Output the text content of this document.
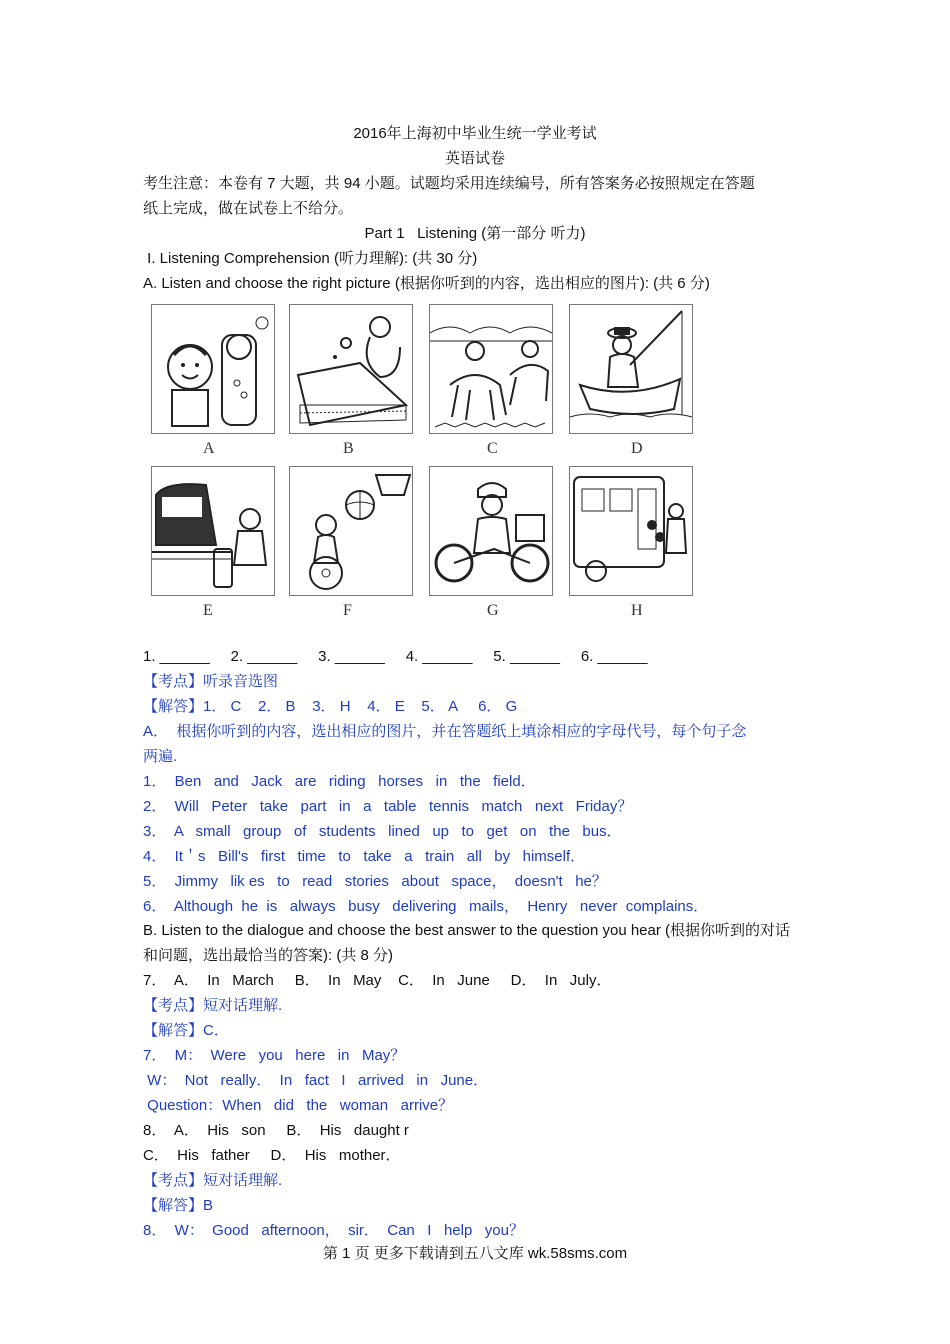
2016年上海初中毕业生统一学业考试
英语试卷
考生注意：本卷有 7 大题，共 94 小题。试题均采用连续编号，所有答案务必按照规定在答题
纸上完成，做在试卷上不给分。
Part 1   Listening (第一部分 听力)
I. Listening Comprehension (听力理解): (共 30 分)
A. Listen and choose the right picture (根据你听到的内容，选出相应的图片): (共 6 分)
A	B	C	D
E	F	G	H
1. ______     2. ______     3. ______     4. ______     5. ______     6. ______
【考点】听录音选图
【解答】1． C    2． B    3． H    4． E    5． A     6． G
A．  根据你听到的内容，选出相应的图片，并在答题纸上填涂相应的字母代号，每个句子念
两遍.
1．  Ben   and   Jack   are   riding   horses   in   the   field．
2．  Will   Peter   take   part   in   a   table   tennis   match   next   Friday？
3．  A   small   group   of   students   lined   up   to   get   on   the   bus．
4．  It＇s   Bill's   first   time   to   take   a   train   all   by   himself．
5．  Jimmy   lik es   to   read   stories   about   space，  doesn't   he？
6．  Although  he  is   always   busy   delivering   mails，  Henry   never  complains．
B. Listen to the dialogue and choose the best answer to the question you hear (根据你听到的对话
和问题，选出最恰当的答案): (共 8 分)
7．  A．  In   March     B．  In   May    C．  In   June     D．  In   July．
【考点】短对话理解.
【解答】C．
7．  M：  Were   you   here   in   May？
W：  Not   really．  In   fact   I   arrived   in   June．
Question：When   did   the   woman   arrive？
8．  A．  His   son     B．  His   daught r
C．  His   father     D．  His   mother．
【考点】短对话理解.
【解答】B
8．  W：  Good   afternoon，  sir．  Can   I   help   you？
第 1 页 更多下载请到五八文库 wk.58sms.com
